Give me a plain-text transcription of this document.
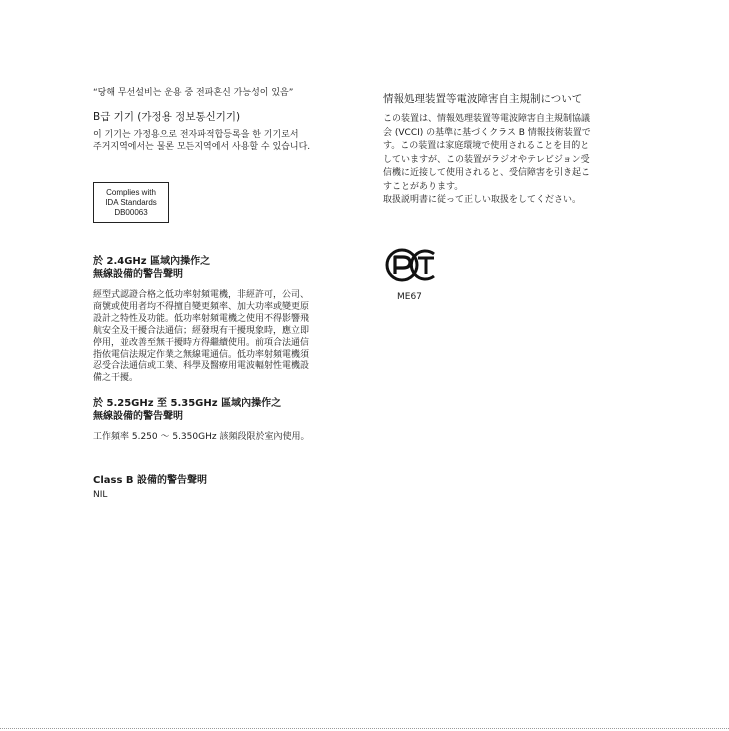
“당해 무선설비는 운용 중 전파혼신 가능성이 있음”
B급 기기 (가정용 정보통신기기)
이 기기는 가정용으로 전자파적합등록을 한 기기로서
주거지역에서는 물론 모든지역에서 사용할 수 있습니다.
Complies with
IDA Standards
DB00063
於 2.4GHz 區域內操作之
無線設備的警告聲明
經型式認證合格之低功率射頻電機，非經許可，公司、
商號或使用者均不得擅自變更頻率、加大功率或變更原
設計之特性及功能。低功率射頻電機之使用不得影響飛
航安全及干擾合法通信；經發現有干擾現象時，應立即
停用，並改善至無干擾時方得繼續使用。前項合法通信
指依電信法規定作業之無線電通信。低功率射頻電機須
忍受合法通信或工業、科學及醫療用電波輻射性電機設
備之干擾。
於 5.25GHz 至 5.35GHz 區域內操作之
無線設備的警告聲明
工作頻率 5.250 ～ 5.350GHz 該頻段限於室內使用。
Class B 設備的警告聲明
NIL
情報処理装置等電波障害自主規制について
この装置は、情報処理装置等電波障害自主規制協議
会 (VCCI) の基準に基づくクラス B 情報技術装置で
す。この装置は家庭環境で使用されることを目的と
していますが、この装置がラジオやテレビジョン受
信機に近接して使用されると、受信障害を引き起こ
すことがあります。
取扱説明書に従って正しい取扱をしてください。
ME67
